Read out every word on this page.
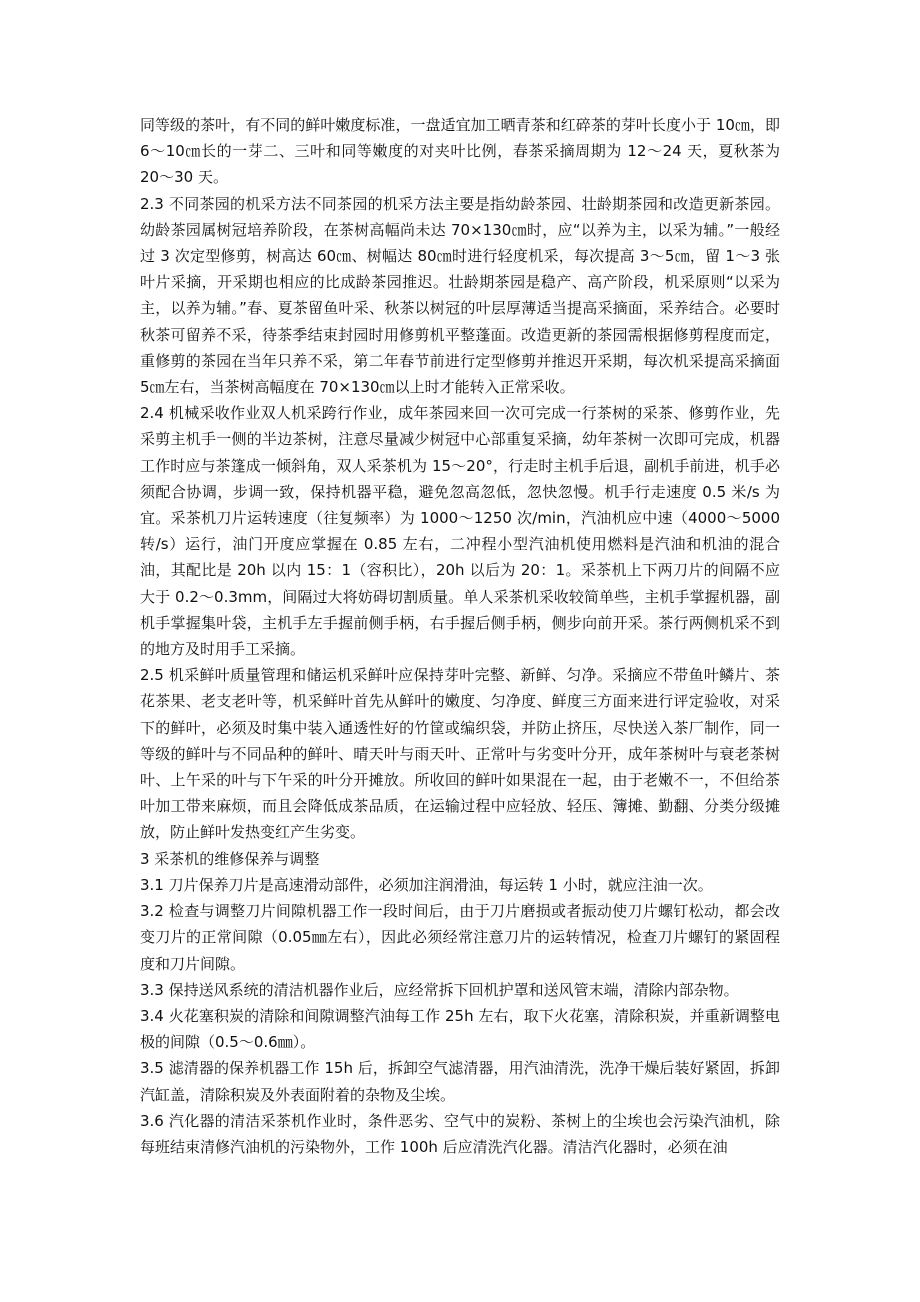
同等级的茶叶，有不同的鲜叶嫩度标准，一盘适宜加工晒青茶和红碎茶的芽叶长度小于 10㎝，即 6～10㎝长的一芽二、三叶和同等嫩度的对夹叶比例，春茶采摘周期为 12～24 天，夏秋茶为 20～30 天。

2.3 不同茶园的机采方法不同茶园的机采方法主要是指幼龄茶园、壮龄期茶园和改造更新茶园。幼龄茶园属树冠培养阶段，在茶树高幅尚未达 70×130㎝时，应“以养为主，以采为辅。”一般经过 3 次定型修剪，树高达 60㎝、树幅达 80㎝时进行轻度机采，每次提高 3～5㎝，留 1～3 张叶片采摘，开采期也相应的比成龄茶园推迟。壮龄期茶园是稳产、高产阶段，机采原则“以采为主，以养为辅。”春、夏茶留鱼叶采、秋茶以树冠的叶层厚薄适当提高采摘面，采养结合。必要时秋茶可留养不采，待茶季结束封园时用修剪机平整蓬面。改造更新的茶园需根据修剪程度而定，重修剪的茶园在当年只养不采，第二年春节前进行定型修剪并推迟开采期，每次机采提高采摘面 5㎝左右，当茶树高幅度在 70×130㎝以上时才能转入正常采收。

2.4 机械采收作业双人机采跨行作业，成年茶园来回一次可完成一行茶树的采茶、修剪作业，先采剪主机手一侧的半边茶树，注意尽量减少树冠中心部重复采摘，幼年茶树一次即可完成，机器工作时应与茶篷成一倾斜角，双人采茶机为 15～20°，行走时主机手后退，副机手前进，机手必须配合协调，步调一致，保持机器平稳，避免忽高忽低，忽快忽慢。机手行走速度 0.5 米/s 为宜。采茶机刀片运转速度（往复频率）为 1000～1250 次/min，汽油机应中速（4000～5000 转/s）运行，油门开度应掌握在 0.85 左右，二冲程小型汽油机使用燃料是汽油和机油的混合油，其配比是 20h 以内 15：1（容积比），20h 以后为 20：1。采茶机上下两刀片的间隔不应大于 0.2～0.3mm，间隔过大将妨碍切割质量。单人采茶机采收较简单些，主机手掌握机器，副机手掌握集叶袋，主机手左手握前侧手柄，右手握后侧手柄，侧步向前开采。茶行两侧机采不到的地方及时用手工采摘。

2.5 机采鲜叶质量管理和储运机采鲜叶应保持芽叶完整、新鲜、匀净。采摘应不带鱼叶鳞片、茶花茶果、老支老叶等，机采鲜叶首先从鲜叶的嫩度、匀净度、鲜度三方面来进行评定验收，对采下的鲜叶，必须及时集中装入通透性好的竹筐或编织袋，并防止挤压，尽快送入茶厂制作，同一等级的鲜叶与不同品种的鲜叶、晴天叶与雨天叶、正常叶与劣变叶分开，成年茶树叶与衰老茶树叶、上午采的叶与下午采的叶分开摊放。所收回的鲜叶如果混在一起，由于老嫩不一，不但给茶叶加工带来麻烦，而且会降低成茶品质，在运输过程中应轻放、轻压、簿摊、勤翻、分类分级摊放，防止鲜叶发热变红产生劣变。

3 采茶机的维修保养与调整

3.1 刀片保养刀片是高速滑动部件，必须加注润滑油，每运转 1 小时，就应注油一次。

3.2 检查与调整刀片间隙机器工作一段时间后，由于刀片磨损或者振动使刀片螺钉松动，都会改变刀片的正常间隙（0.05㎜左右），因此必须经常注意刀片的运转情况，检查刀片螺钉的紧固程度和刀片间隙。

3.3 保持送风系统的清洁机器作业后，应经常拆下回机护罩和送风管末端，清除内部杂物。

3.4 火花塞积炭的清除和间隙调整汽油每工作 25h 左右，取下火花塞，清除积炭，并重新调整电极的间隙（0.5～0.6㎜）。

3.5 滤清器的保养机器工作 15h 后，拆卸空气滤清器，用汽油清洗，洗净干燥后装好紧固，拆卸汽缸盖，清除积炭及外表面附着的杂物及尘埃。

3.6 汽化器的清洁采茶机作业时，条件恶劣、空气中的炭粉、茶树上的尘埃也会污染汽油机，除每班结束清修汽油机的污染物外，工作 100h 后应清洗汽化器。清洁汽化器时，必须在油
